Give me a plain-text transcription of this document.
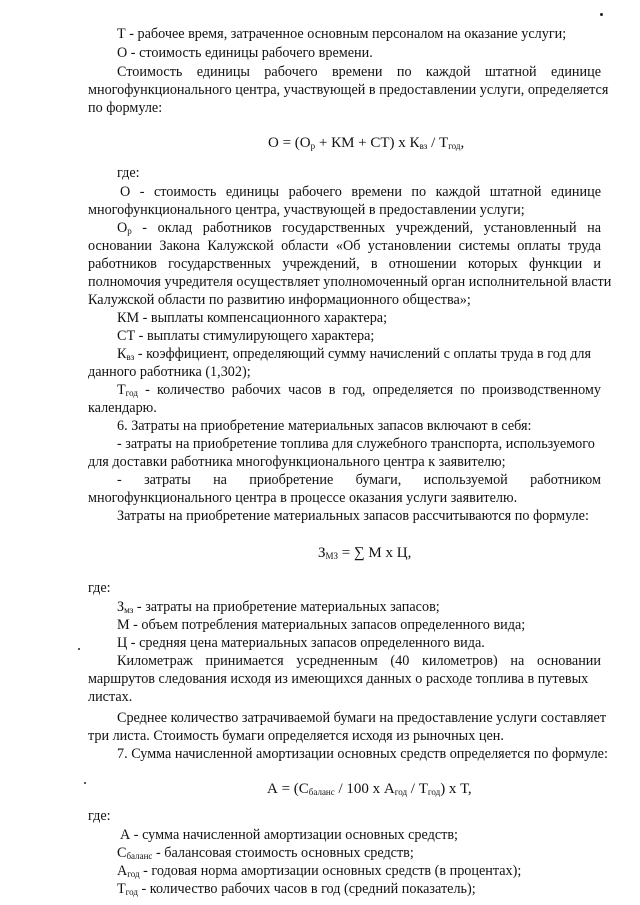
Т - рабочее время, затраченное основным персоналом на оказание услуги;
О - стоимость единицы рабочего времени.
Стоимость единицы рабочего времени по каждой штатной единице
многофункционального центра, участвующей в предоставлении услуги, определяется
по формуле:
$О = (О_р$ + КМ + СТ) х $К_{вз} / Т_{год}$,
где:
О - стоимость единицы рабочего времени по каждой штатной единице
многофункционального центра, участвующей в предоставлении услуги;
$О_р$ - оклад работников государственных учреждений, установленный на
основании Закона Калужской области «Об установлении системы оплаты труда
работников государственных учреждений, в отношении которых функции и
полномочия учредителя осуществляет уполномоченный орган исполнительной власти
Калужской области по развитию информационного общества»;
КМ - выплаты компенсационного характера;
СТ - выплаты стимулирующего характера;
$К_{вз}$ - коэффициент, определяющий сумму начислений с оплаты труда в год для
данного работника (1,302);
$Т_{год}$ - количество рабочих часов в год, определяется по производственному
календарю.
6. Затраты на приобретение материальных запасов включают в себя:
- затраты на приобретение топлива для служебного транспорта, используемого
для доставки работника многофункционального центра к заявителю;
- затраты на приобретение бумаги, используемой работником
многофункционального центра в процессе оказания услуги заявителю.
Затраты на приобретение материальных запасов рассчитываются по формуле:
$З_{МЗ}$ = ∑ М х Ц,
где:
$З_{мз}$ - затраты на приобретение материальных запасов;
М - объем потребления материальных запасов определенного вида;
Ц - средняя цена материальных запасов определенного вида.
Километраж принимается усредненным (40 километров) на основании
маршрутов следования исходя из имеющихся данных о расходе топлива в путевых
листах.
Среднее количество затрачиваемой бумаги на предоставление услуги составляет
три листа. Стоимость бумаги определяется исходя из рыночных цен.
7. Сумма начисленной амортизации основных средств определяется по формуле:
$А = (С_{баланс} / 100$ х $А_{год} / Т_{год}$) х Т,
где:
А - сумма начисленной амортизации основных средств;
$С_{баланс}$ - балансовая стоимость основных средств;
$А_{год}$ - годовая норма амортизации основных средств (в процентах);
$Т_{год}$ - количество рабочих часов в год (средний показатель);
